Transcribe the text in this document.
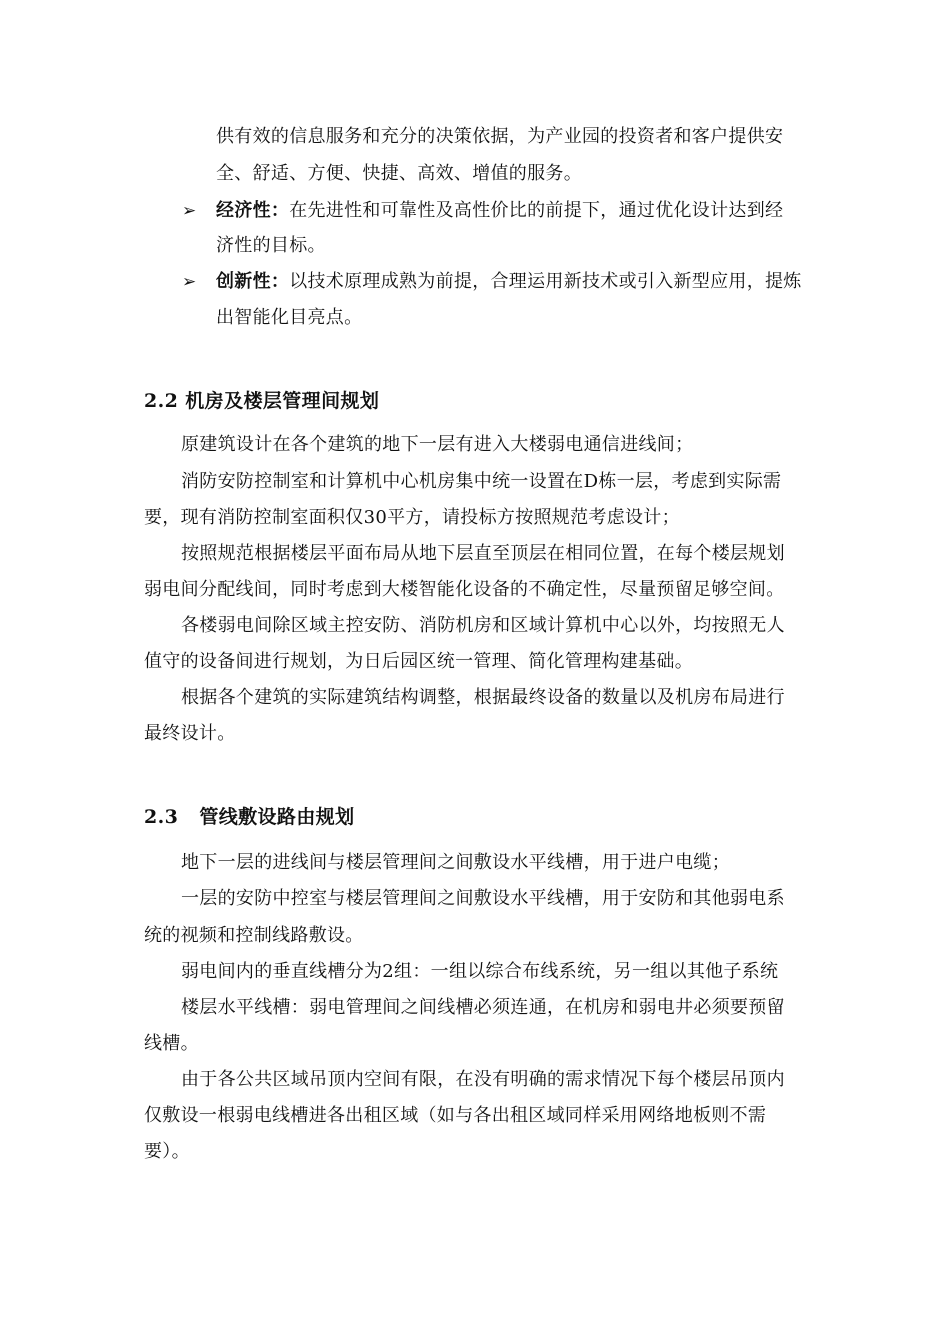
供有效的信息服务和充分的决策依据，为产业园的投资者和客户提供安
全、舒适、方便、快捷、高效、增值的服务。
➢ 经济性：在先进性和可靠性及高性价比的前提下，通过优化设计达到经
济性的目标。
➢ 创新性：以技术原理成熟为前提，合理运用新技术或引入新型应用，提炼
出智能化目亮点。
2.2 机房及楼层管理间规划
原建筑设计在各个建筑的地下一层有进入大楼弱电通信进线间；
消防安防控制室和计算机中心机房集中统一设置在D栋一层，考虑到实际需
要，现有消防控制室面积仅30平方，请投标方按照规范考虑设计；
按照规范根据楼层平面布局从地下层直至顶层在相同位置，在每个楼层规划
弱电间分配线间，同时考虑到大楼智能化设备的不确定性，尽量预留足够空间。
各楼弱电间除区域主控安防、消防机房和区域计算机中心以外，均按照无人
值守的设备间进行规划，为日后园区统一管理、简化管理构建基础。
根据各个建筑的实际建筑结构调整，根据最终设备的数量以及机房布局进行
最终设计。
2.3 管线敷设路由规划
地下一层的进线间与楼层管理间之间敷设水平线槽，用于进户电缆；
一层的安防中控室与楼层管理间之间敷设水平线槽，用于安防和其他弱电系
统的视频和控制线路敷设。
弱电间内的垂直线槽分为2组：一组以综合布线系统，另一组以其他子系统
楼层水平线槽：弱电管理间之间线槽必须连通，在机房和弱电井必须要预留
线槽。
由于各公共区域吊顶内空间有限，在没有明确的需求情况下每个楼层吊顶内
仅敷设一根弱电线槽进各出租区域（如与各出租区域同样采用网络地板则不需
要）。
